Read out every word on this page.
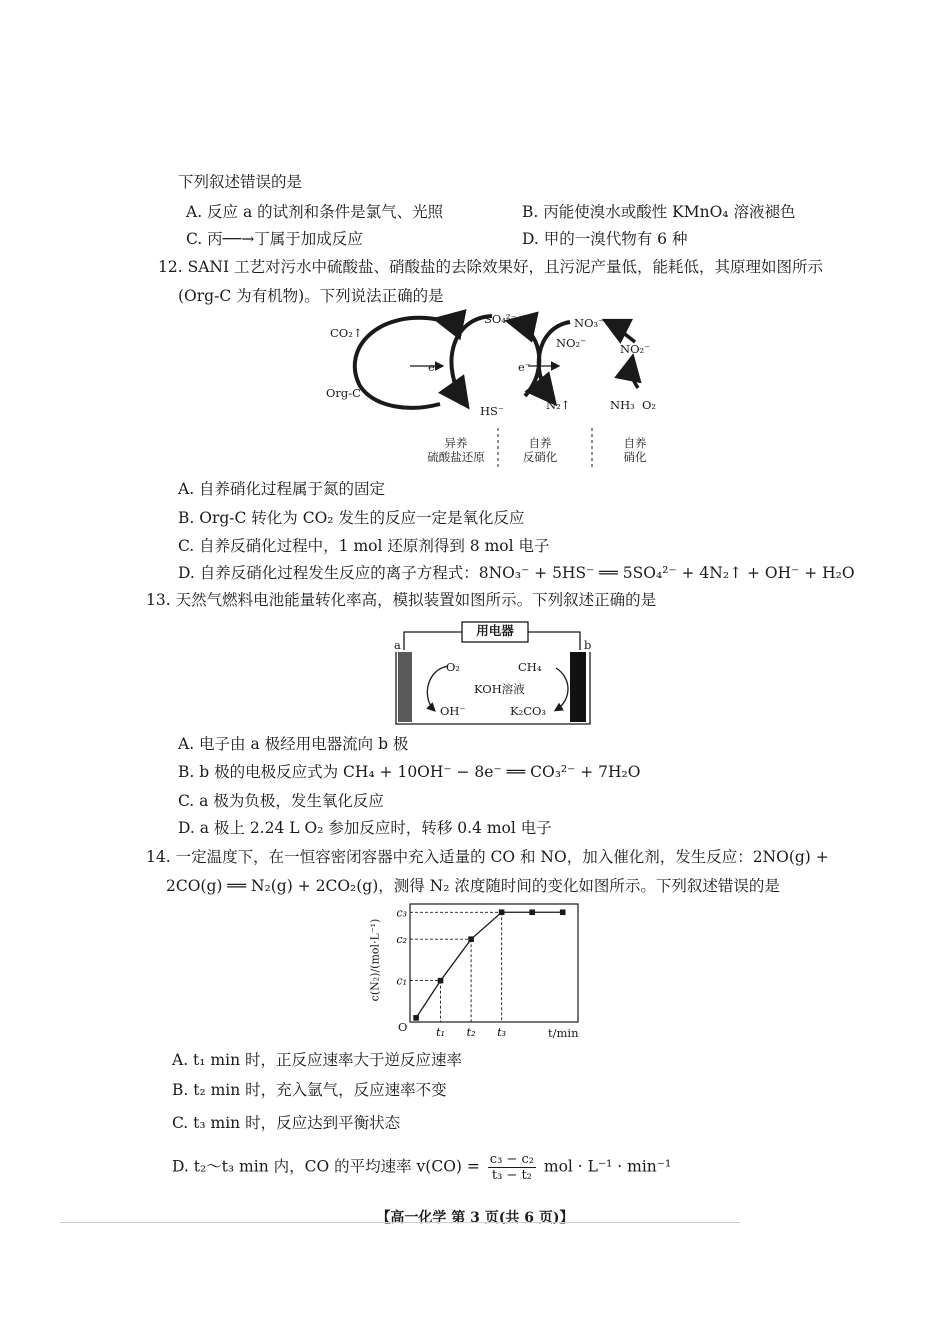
下列叙述错误的是
A. 反应 a 的试剂和条件是氯气、光照	B. 丙能使溴水或酸性 KMnO₄ 溶液褪色
C. 丙──→丁属于加成反应	D. 甲的一溴代物有 6 种
12. SANI 工艺对污水中硫酸盐、硝酸盐的去除效果好，且污泥产量低，能耗低，其原理如图所示
(Org-C 为有机物)。下列说法正确的是
CO₂↑
Org-C
SO₄²⁻
HS⁻
e⁻	e⁻
NO₃⁻
NO₂⁻	NO₂⁻
N₂↑	NH₃ O₂
异养
硫酸盐还原
自养
反硝化
自养
硝化
A. 自养硝化过程属于氮的固定
B. Org-C 转化为 CO₂ 发生的反应一定是氧化反应
C. 自养反硝化过程中，1 mol 还原剂得到 8 mol 电子
D. 自养反硝化过程发生反应的离子方程式：8NO₃⁻ + 5HS⁻ ══ 5SO₄²⁻ + 4N₂↑ + OH⁻ + H₂O
13. 天然气燃料电池能量转化率高，模拟装置如图所示。下列叙述正确的是
用电器
a	b
O₂
OH⁻
KOH溶液
CH₄
K₂CO₃
A. 电子由 a 极经用电器流向 b 极
B. b 极的电极反应式为 CH₄ + 10OH⁻ − 8e⁻ ══ CO₃²⁻ + 7H₂O
C. a 极为负极，发生氧化反应
D. a 极上 2.24 L O₂ 参加反应时，转移 0.4 mol 电子
14. 一定温度下，在一恒容密闭容器中充入适量的 CO 和 NO，加入催化剂，发生反应：2NO(g) +
2CO(g) ══ N₂(g) + 2CO₂(g)，测得 N₂ 浓度随时间的变化如图所示。下列叙述错误的是
t₁
c₁
t₂
c₂
t₃
c₃
c(N₂)/(mol·L⁻¹)
t/min
O
A. t₁ min 时，正反应速率大于逆反应速率
B. t₂ min 时，充入氩气，反应速率不变
C. t₃ min 时，反应达到平衡状态
D. t₂～t₃ min 内，CO 的平均速率 $v(CO) = \frac{\text{c₃ − c₂}}{\text{t₃ − t₂}}$ mol · L⁻¹ · min⁻¹
【高一化学 第 3 页(共 6 页)】
